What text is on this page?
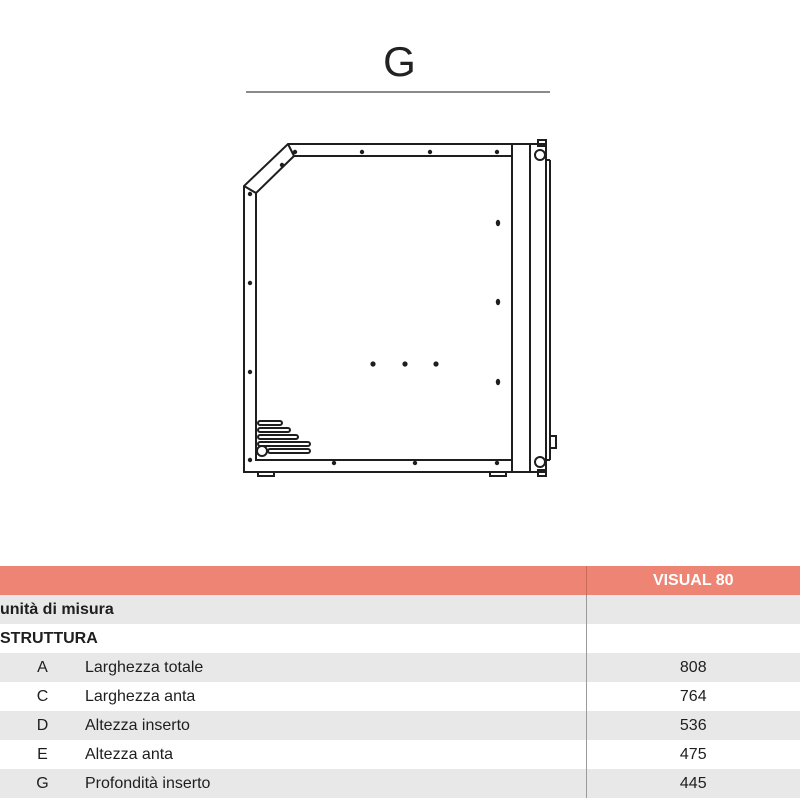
G
		VISUAL 80
unità di misura		
STRUTTURA		
A	Larghezza totale	808
C	Larghezza anta	764
D	Altezza inserto	536
E	Altezza anta	475
G	Profondità inserto	445
